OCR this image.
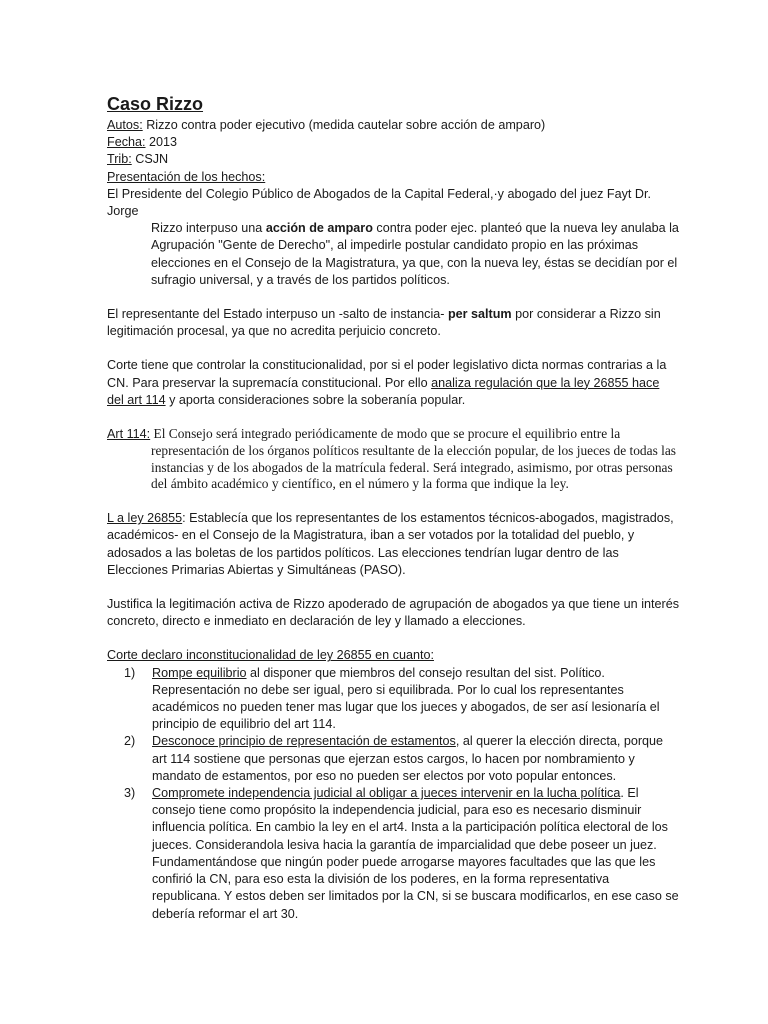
Caso Rizzo

Autos: Rizzo contra poder ejecutivo (medida cautelar sobre acción de amparo)

Fecha: 2013

Trib: CSJN

Presentación de los hechos:

El Presidente del Colegio Público de Abogados de la Capital Federal,·y abogado del juez Fayt Dr. Jorge

Rizzo interpuso una acción de amparo contra poder ejec. planteó que la nueva ley anulaba la Agrupación "Gente de Derecho", al impedirle postular candidato propio en las próximas elecciones en el Consejo de la Magistratura, ya que, con la nueva ley, éstas se decidían por el sufragio universal, y a través de los partidos políticos.

El representante del Estado interpuso un -salto de instancia- per saltum por considerar a Rizzo sin legitimación procesal, ya que no acredita perjuicio concreto.

Corte tiene que controlar la constitucionalidad, por si el poder legislativo dicta normas contrarias a la CN. Para preservar la supremacía constitucional. Por ello analiza regulación que la ley 26855 hace del art 114 y aporta consideraciones sobre la soberanía popular.

Art 114: El Consejo será integrado periódicamente de modo que se procure el equilibrio entre la

representación de los órganos políticos resultante de la elección popular, de los jueces de todas las instancias y de los abogados de la matrícula federal. Será integrado, asimismo, por otras personas del ámbito académico y científico, en el número y la forma que indique la ley.

L a ley 26855: Establecía que los representantes de los estamentos técnicos-abogados, magistrados, académicos- en el Consejo de la Magistratura, iban a ser votados por la totalidad del pueblo, y adosados a las boletas de los partidos políticos. Las elecciones tendrían lugar dentro de las Elecciones Primarias Abiertas y Simultáneas (PASO).

Justifica la legitimación activa de Rizzo apoderado de agrupación de abogados ya que tiene un interés concreto, directo e inmediato en declaración de ley y llamado a elecciones.

Corte declaro inconstitucionalidad de ley 26855 en cuanto:

1) Rompe equilibrio al disponer que miembros del consejo resultan del sist. Político. Representación no debe ser igual, pero si equilibrada. Por lo cual los representantes académicos no pueden tener mas lugar que los jueces y abogados, de ser así lesionaría el principio de equilibrio del art 114.
2) Desconoce principio de representación de estamentos, al querer la elección directa, porque art 114 sostiene que personas que ejerzan estos cargos, lo hacen por nombramiento y mandato de estamentos, por eso no pueden ser electos por voto popular entonces.
3) Compromete independencia judicial al obligar a jueces intervenir en la lucha política. El consejo tiene como propósito la independencia judicial, para eso es necesario disminuir influencia política. En cambio la ley en el art4. Insta a la participación política electoral de los jueces. Considerandola lesiva hacia la garantía de imparcialidad que debe poseer un juez. Fundamentándose que ningún poder puede arrogarse mayores facultades que las que les confirió la CN, para eso esta la división de los poderes, en la forma representativa republicana. Y estos deben ser limitados por la CN, si se buscara modificarlos, en ese caso se debería reformar el art 30.
